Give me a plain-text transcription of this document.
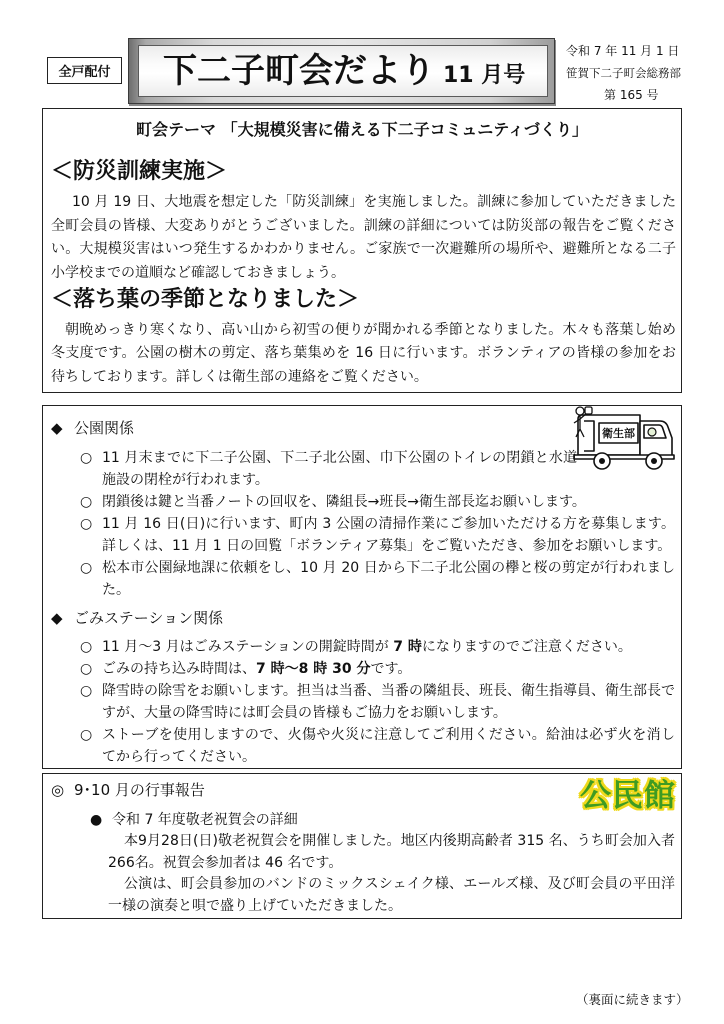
全戸配付	下二子町会だより 11 月号
令和 7 年 11 月 1 日
笹賀下二子町会総務部
第 165 号
町会テーマ 「大規模災害に備える下二子コミュニティづくり」
＜防災訓練実施＞

10 月 19 日、大地震を想定した「防災訓練」を実施しました。訓練に参加していただきました全町会員の皆様、大変ありがとうございました。訓練の詳細については防災部の報告をご覧ください。大規模災害はいつ発生するかわかりません。ご家族で一次避難所の場所や、避難所となる二子小学校までの道順など確認しておきましょう。

＜落ち葉の季節となりました＞

朝晩めっきり寒くなり、高い山から初雪の便りが聞かれる季節となりました。木々も落葉し始め冬支度です。公園の樹木の剪定、落ち葉集めを 16 日に行います。ボランティアの皆様の参加をお待ちしております。詳しくは衛生部の連絡をご覧ください。

衛生部
◆ 公園関係
○ 11 月末までに下二子公園、下二子北公園、巾下公園のトイレの閉鎖と水道施設の閉栓が行われます。
○ 閉鎖後は鍵と当番ノートの回収を、隣組長→班長→衛生部長迄お願いします。
○ 11 月 16 日(日)に行います、町内 3 公園の清掃作業にご参加いただける方を募集します。詳しくは、11 月 1 日の回覧「ボランティア募集」をご覧いただき、参加をお願いします。
○ 松本市公園緑地課に依頼をし、10 月 20 日から下二子北公園の欅と桜の剪定が行われました。
◆ ごみステーション関係
○ 11 月～3 月はごみステーションの開錠時間が 7 時になりますのでご注意ください。
○ ごみの持ち込み時間は、7 時～8 時 30 分です。
○ 降雪時の除雪をお願いします。担当は当番、当番の隣組長、班長、衛生指導員、衛生部長ですが、大量の降雪時には町会員の皆様もご協力をお願いします。
○ ストーブを使用しますので、火傷や火災に注意してご利用ください。給油は必ず火を消してから行ってください。
◎ 9･10 月の行事報告	公民館
● 令和 7 年度敬老祝賀会の詳細

本9月28日(日)敬老祝賀会を開催しました。地区内後期高齢者 315 名、うち町会加入者 266名。祝賀会参加者は 46 名です。

公演は、町会員参加のバンドのミックスシェイク様、エールズ様、及び町会員の平田洋一様の演奏と唄で盛り上げていただきました。

（裏面に続きます）
